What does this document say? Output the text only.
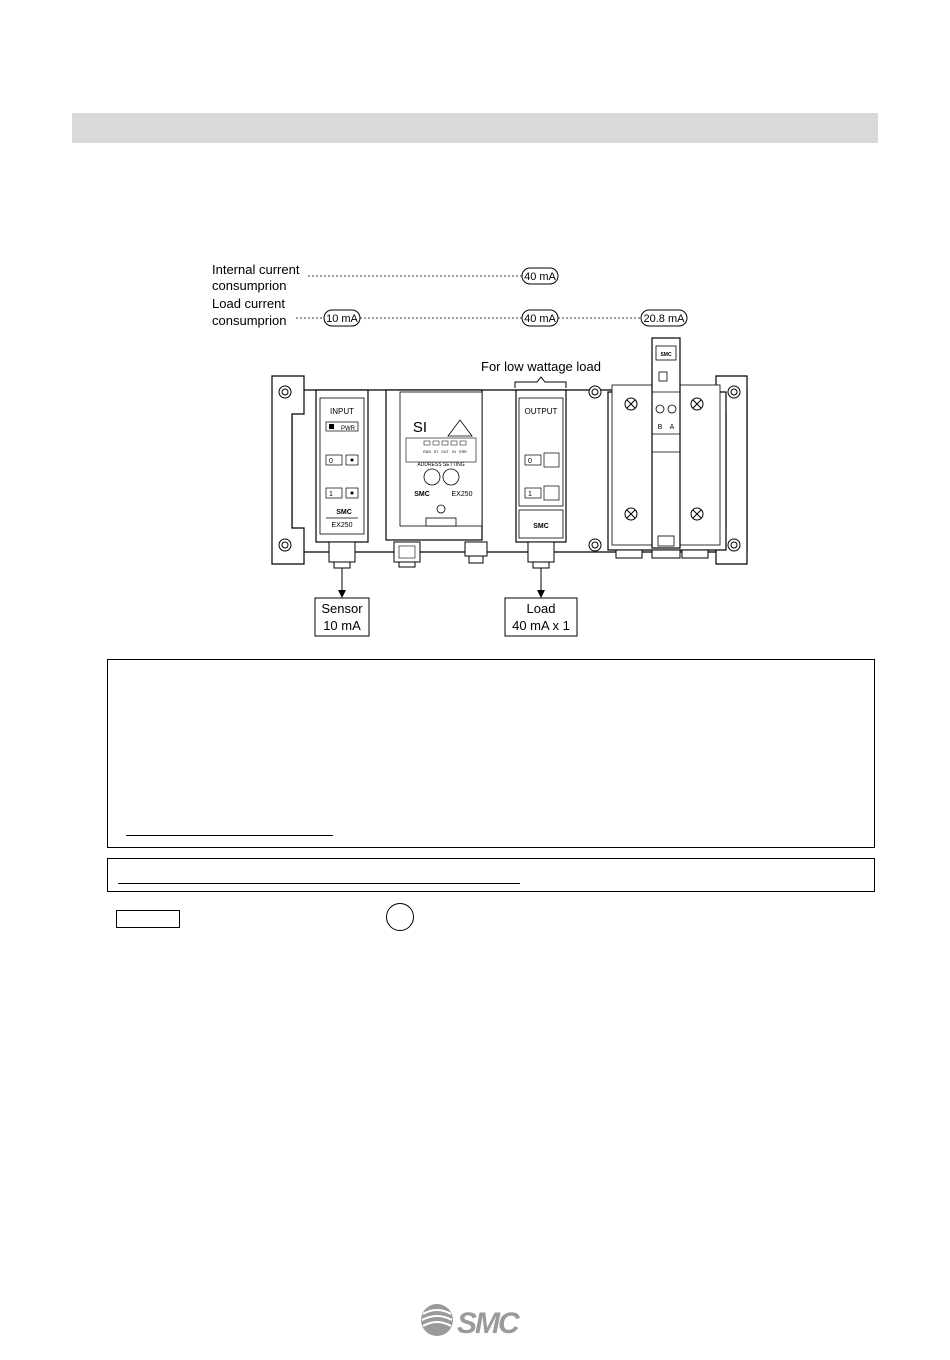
Internal current
consumprion
Load current
consumprion
40 mA
10 mA	40 mA	20.8 mA
For low wattage load
INPUT
PWR
0
1
SMC
EX250
SI
RUN ST OUT IN ERR
ADDRESS SETTING
SMC	EX250
OUTPUT
0
1
SMC
SMC
B A
Sensor
10 mA
Load
40 mA x 1
SMC
